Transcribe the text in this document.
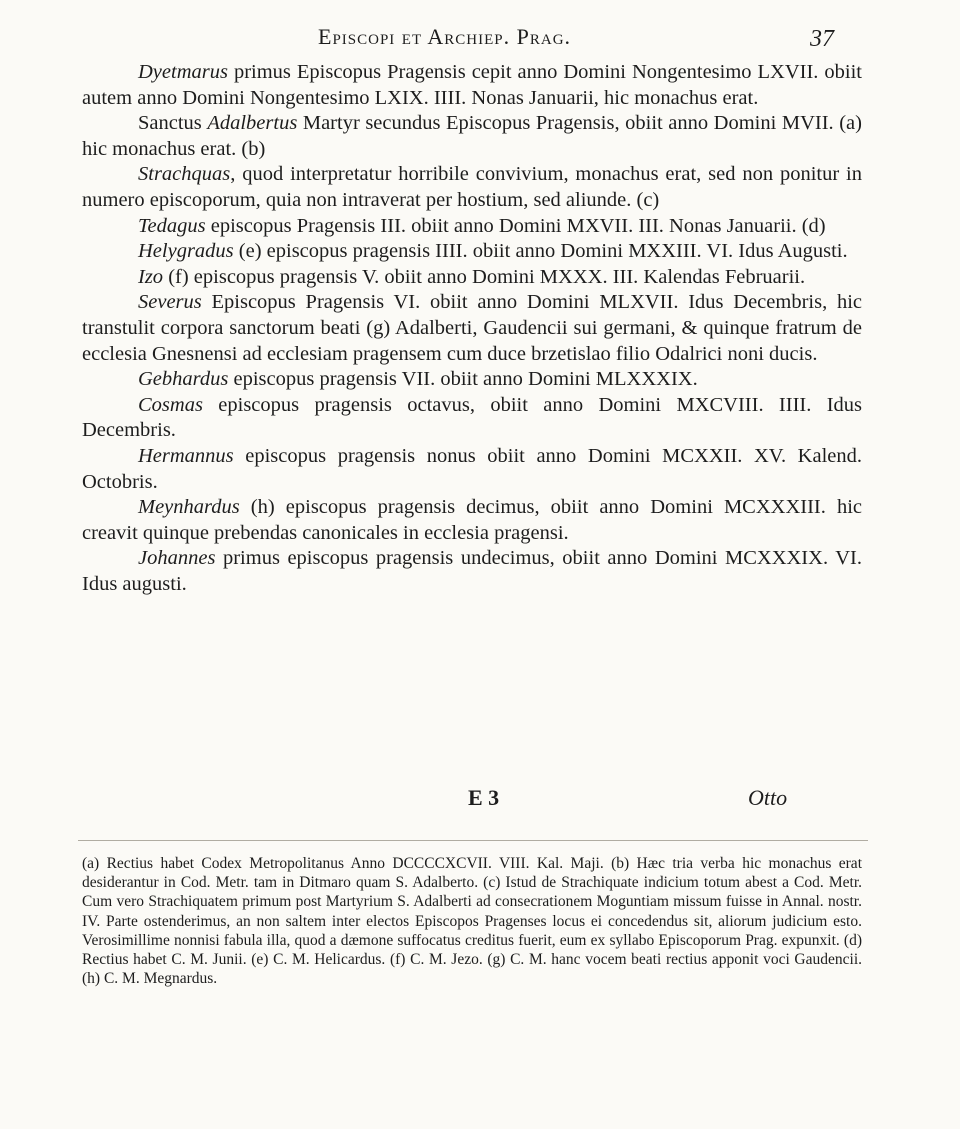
Episcopi et Archiep. Prag.	37

Dyetmarus primus Episcopus Pragensis cepit anno Domini Nongentesimo LXVII. obiit autem anno Domini Nongentesimo LXIX. IIII. Nonas Januarii, hic monachus erat.

Sanctus Adalbertus Martyr secundus Episcopus Pragensis, obiit anno Domini MVII. (a) hic monachus erat. (b)

Strachquas, quod interpretatur horribile convivium, monachus erat, sed non ponitur in numero episcoporum, quia non intraverat per hostium, sed aliunde. (c)

Tedagus episcopus Pragensis III. obiit anno Domini MXVII. III. Nonas Januarii. (d)

Helygradus (e) episcopus pragensis IIII. obiit anno Domini MXXIII. VI. Idus Augusti.

Izo (f) episcopus pragensis V. obiit anno Domini MXXX. III. Kalendas Februarii.

Severus Episcopus Pragensis VI. obiit anno Domini MLXVII. Idus Decembris, hic transtulit corpora sanctorum beati (g) Adalberti, Gaudencii sui germani, & quinque fratrum de ecclesia Gnesnensi ad ecclesiam pragensem cum duce brzetislao filio Odalrici noni ducis.

Gebhardus episcopus pragensis VII. obiit anno Domini MLXXXIX.

Cosmas episcopus pragensis octavus, obiit anno Domini MXCVIII. IIII. Idus Decembris.

Hermannus episcopus pragensis nonus obiit anno Domini MCXXII. XV. Kalend. Octobris.

Meynhardus (h) episcopus pragensis decimus, obiit anno Domini MCXXXIII. hic creavit quinque prebendas canonicales in ecclesia pragensi.

Johannes primus episcopus pragensis undecimus, obiit anno Domini MCXXXIX. VI. Idus augusti.

E 3	Otto

(a) Rectius habet Codex Metropolitanus Anno DCCCCXCVII. VIII. Kal. Maji. (b) Hæc tria verba hic monachus erat desiderantur in Cod. Metr. tam in Ditmaro quam S. Adalberto. (c) Istud de Strachiquate indicium totum abest a Cod. Metr. Cum vero Strachiquatem primum post Martyrium S. Adalberti ad consecrationem Moguntiam missum fuisse in Annal. nostr. IV. Parte ostenderimus, an non saltem inter electos Episcopos Pragenses locus ei concedendus sit, aliorum judicium esto. Verosimillime nonnisi fabula illa, quod a dæmone suffocatus creditus fuerit, eum ex syllabo Episcoporum Prag. expunxit. (d) Rectius habet C. M. Junii. (e) C. M. Helicardus. (f) C. M. Jezo. (g) C. M. hanc vocem beati rectius apponit voci Gaudencii. (h) C. M. Megnardus.
